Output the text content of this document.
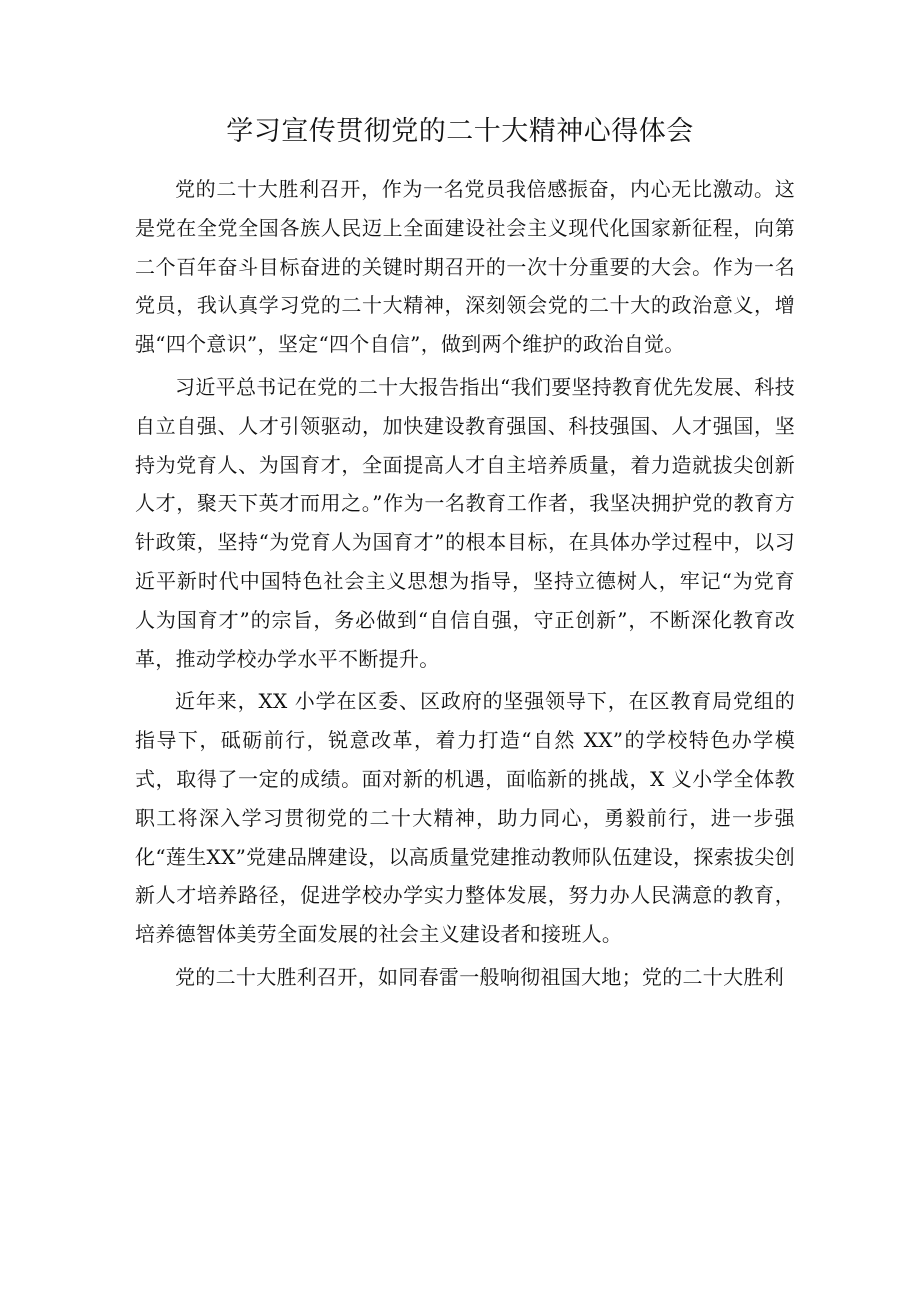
学习宣传贯彻党的二十大精神心得体会

党的二十大胜利召开，作为一名党员我倍感振奋，内心无比激动。这是党在全党全国各族人民迈上全面建设社会主义现代化国家新征程，向第二个百年奋斗目标奋进的关键时期召开的一次十分重要的大会。作为一名党员，我认真学习党的二十大精神，深刻领会党的二十大的政治意义，增强“四个意识”，坚定“四个自信”，做到两个维护的政治自觉。

习近平总书记在党的二十大报告指出“我们要坚持教育优先发展、科技自立自强、人才引领驱动，加快建设教育强国、科技强国、人才强国，坚持为党育人、为国育才，全面提高人才自主培养质量，着力造就拔尖创新人才，聚天下英才而用之。”作为一名教育工作者，我坚决拥护党的教育方针政策，坚持“为党育人为国育才”的根本目标，在具体办学过程中，以习近平新时代中国特色社会主义思想为指导，坚持立德树人，牢记“为党育人为国育才”的宗旨，务必做到“自信自强，守正创新”，不断深化教育改革，推动学校办学水平不断提升。

近年来，XX 小学在区委、区政府的坚强领导下，在区教育局党组的指导下，砥砺前行，锐意改革，着力打造“自然 XX”的学校特色办学模式，取得了一定的成绩。面对新的机遇，面临新的挑战，X 义小学全体教职工将深入学习贯彻党的二十大精神，助力同心，勇毅前行，进一步强化“莲生XX”党建品牌建设，以高质量党建推动教师队伍建设，探索拔尖创新人才培养路径，促进学校办学实力整体发展，努力办人民满意的教育，培养德智体美劳全面发展的社会主义建设者和接班人。

党的二十大胜利召开，如同春雷一般响彻祖国大地；党的二十大胜利
